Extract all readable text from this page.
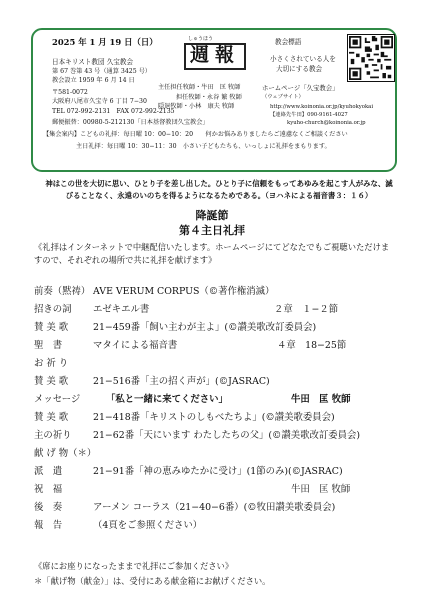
2025 年 1 月 19 日（日）
日本キリスト教団 久宝教会
第 67 巻第 43 号（通算 3425 号）
教会設立 1959 年 6 月 14 日
〒581-0072
大阪府八尾市久宝寺 6 丁目 7−30
TEL 072-992-2131　FAX 072-992-2135
郵便振替：00980-5-212130「日本基督教団久宝教会」
【集会案内】こどもの礼拝：毎日曜 10：00−10：20　　何かお悩みありましたらご遠慮なくご相談ください
主日礼拝：毎日曜 10：30−11：30　小さい子どもたちも、いっしょに礼拝をまもります。
しゅうほう
週報
主任担任牧師・牛田　匡 牧師
担任牧師・永谷 繁 牧師
隠退牧師・小林　康夫 牧師
教会標語
小さくされている人を
大切にする教会
ホームページ「久宝教会」
（ウェブサイト）
http://www.koinonia.or.jp/kyuhokyokai
【連絡先牛田】090-9161-4027
kyuho-church@koinonia.or.jp
神はこの世を大切に思い、ひとり子を差し出した。ひとり子に信頼をもってあゆみを起こす人がみな、滅びることなく、永遠のいのちを得るようになるためである。（ヨハネによる福音書３：１６）
降誕節
第４主日礼拝
《礼拝はインターネットで中継配信いたします。ホームページにてどなたでもご視聴いただけますので、それぞれの場所で共に礼拝を献げます》
前奏（黙祷） AVE VERUM CORPUS（©著作権消滅）
招きの詞 エゼキエル書	２章　１−２節
賛 美 歌	21−459番「飼い主わが主よ」(©讃美歌改訂委員会)
聖　書	マタイによる福音書	４章　18−25節
お 祈 り
賛 美 歌	21−516番「主の招く声が」(©JASRAC)
メッセージ	「私と一緒に来てください」	牛田　匡 牧師
賛 美 歌	21−418番「キリストのしもべたちよ」(©讃美歌委員会)
主の祈り 21−62番「天にいます わたしたちの父」(©讃美歌改訂委員会)
献 げ 物（＊）
派　遣	21−91番「神の恵みゆたかに受け」(1節のみ)(©JASRAC)
祝　福	牛田　匡 牧師
後　奏	アーメン コーラス（21−40−6番）(©牧田讃美歌委員会)
報　告	（4頁をご参照ください）
《席にお座りになったままで礼拝にご参加ください》
＊「献げ物（献金）」は、受付にある献金箱にお献げください。
